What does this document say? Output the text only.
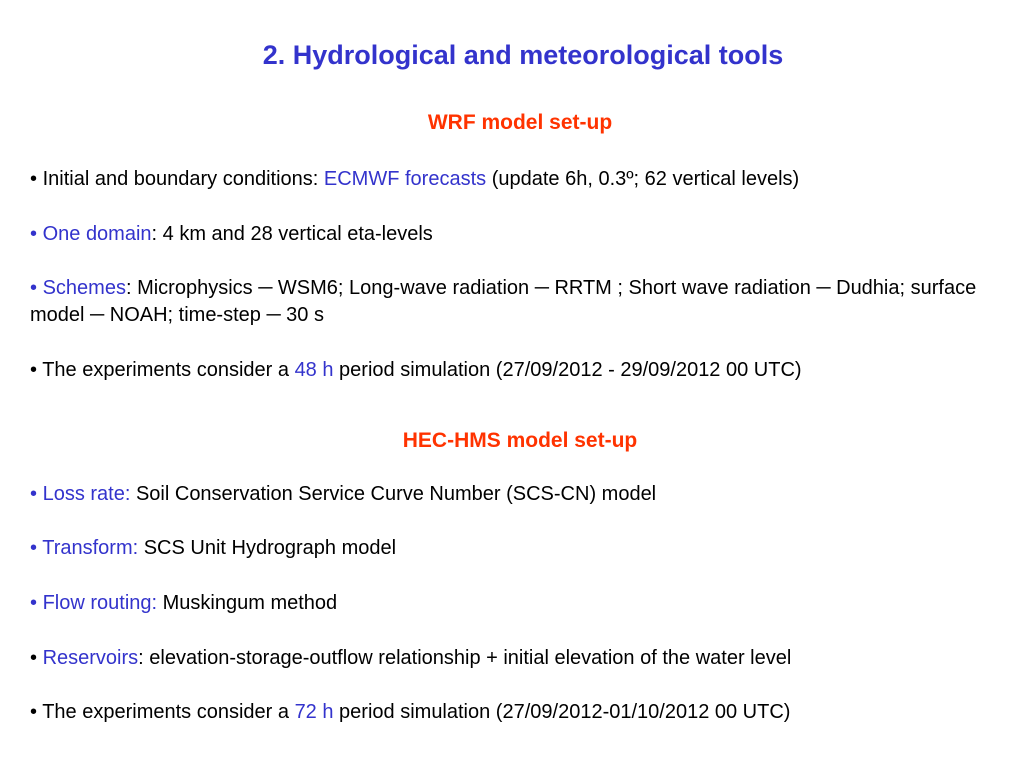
2. Hydrological and meteorological tools
WRF model set-up
• Initial and boundary conditions: ECMWF forecasts (update 6h, 0.3º; 62 vertical levels)
• One domain: 4 km and 28 vertical eta-levels
• Schemes: Microphysics ─ WSM6; Long-wave radiation ─ RRTM ; Short wave radiation ─ Dudhia; surface model ─ NOAH; time-step ─ 30 s
• The experiments consider a 48 h period simulation (27/09/2012 - 29/09/2012 00 UTC)
HEC-HMS model set-up
• Loss rate: Soil Conservation Service Curve Number (SCS-CN) model
• Transform: SCS Unit Hydrograph model
• Flow routing: Muskingum method
• Reservoirs: elevation-storage-outflow relationship + initial elevation of the water level
• The experiments consider a 72 h period simulation (27/09/2012-01/10/2012 00 UTC)
